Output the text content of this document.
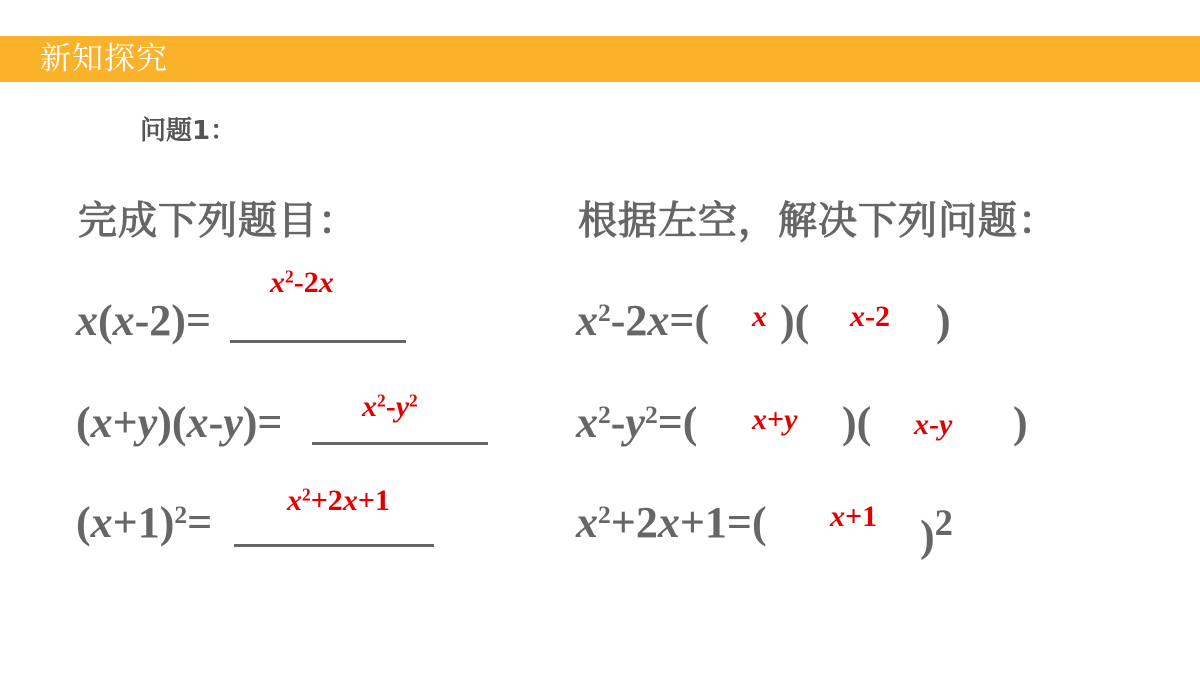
新知探究
问题1：
完成下列题目：	根据左空，解决下列问题：
x(x-2)=
$x^2-2x$
(x+y)(x-y)=	$x^2-y^2$
$(x+1)^2= x^2+2x+1$
$x^2-2x=$( x )( x-2 )
$x^2-y^2=$( x+y )( x-y )
$x^2+2x+1=$( x+1 )$^2$
